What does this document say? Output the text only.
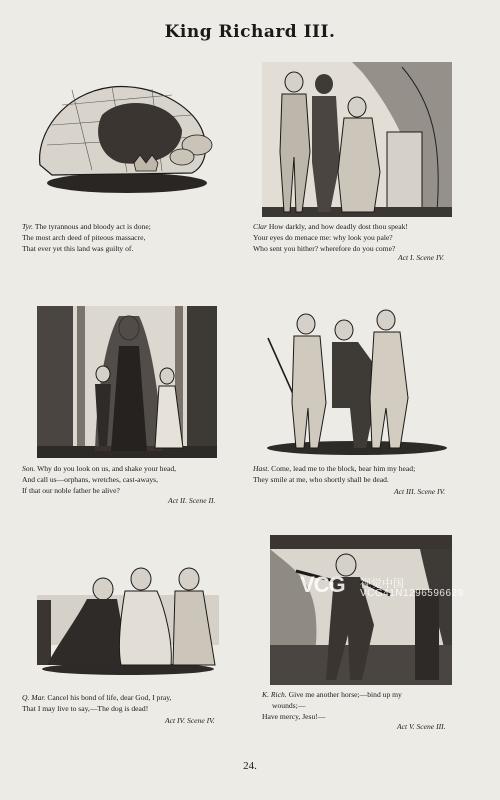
King Richard III.
Tyr. The tyrannous and bloody act is done;
The most arch deed of piteous massacre,
That ever yet this land was guilty of.
Clar How darkly, and how deadly dost thou speak!
Your eyes do menace me: why look you pale?
Who sent you hither? wherefore do you come?
Act I. Scene IV.
Son. Why do you look on us, and shake your head,
And call us—orphans, wretches, cast-aways,
If that our noble father be alive?
Act II. Scene II.
Hast. Come, lead me to the block, bear him my head;
They smile at me, who shortly shall be dead.
Act III. Scene IV.
Q. Mar. Cancel his bond of life, dear God, I pray,
That I may live to say,—The dog is dead!
Act IV. Scene IV.
K. Rich. Give me another horse;—bind up my
wounds;—
Have mercy, Jesu!—
Act V. Scene III.
VCG 视觉中国
VCG41N1296596629
24.
